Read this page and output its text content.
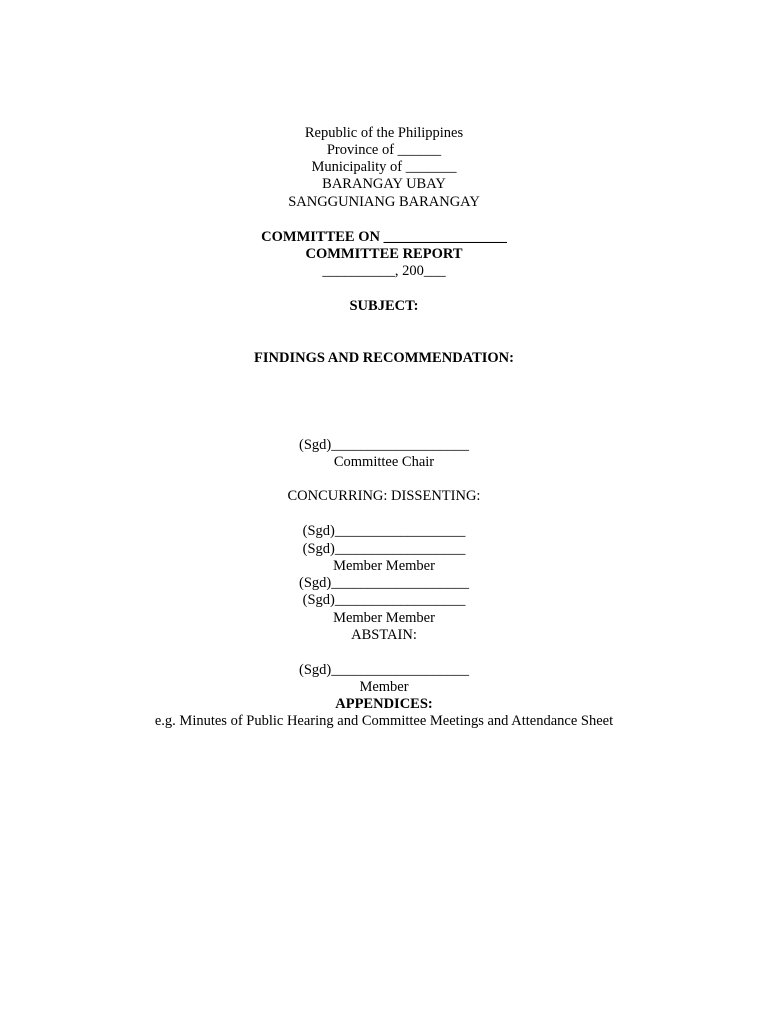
Republic of the Philippines
Province of ______
Municipality of _______
BARANGAY UBAY
SANGGUNIANG BARANGAY
COMMITTEE ON _________________
COMMITTEE REPORT
__________, 200___
SUBJECT:
FINDINGS AND RECOMMENDATION:
(Sgd)___________________
Committee Chair
CONCURRING: DISSENTING:
(Sgd)__________________
(Sgd)__________________
Member Member
(Sgd)___________________
(Sgd)__________________
Member Member
ABSTAIN:
(Sgd)___________________
Member
APPENDICES:
e.g. Minutes of Public Hearing and Committee Meetings and Attendance Sheet
